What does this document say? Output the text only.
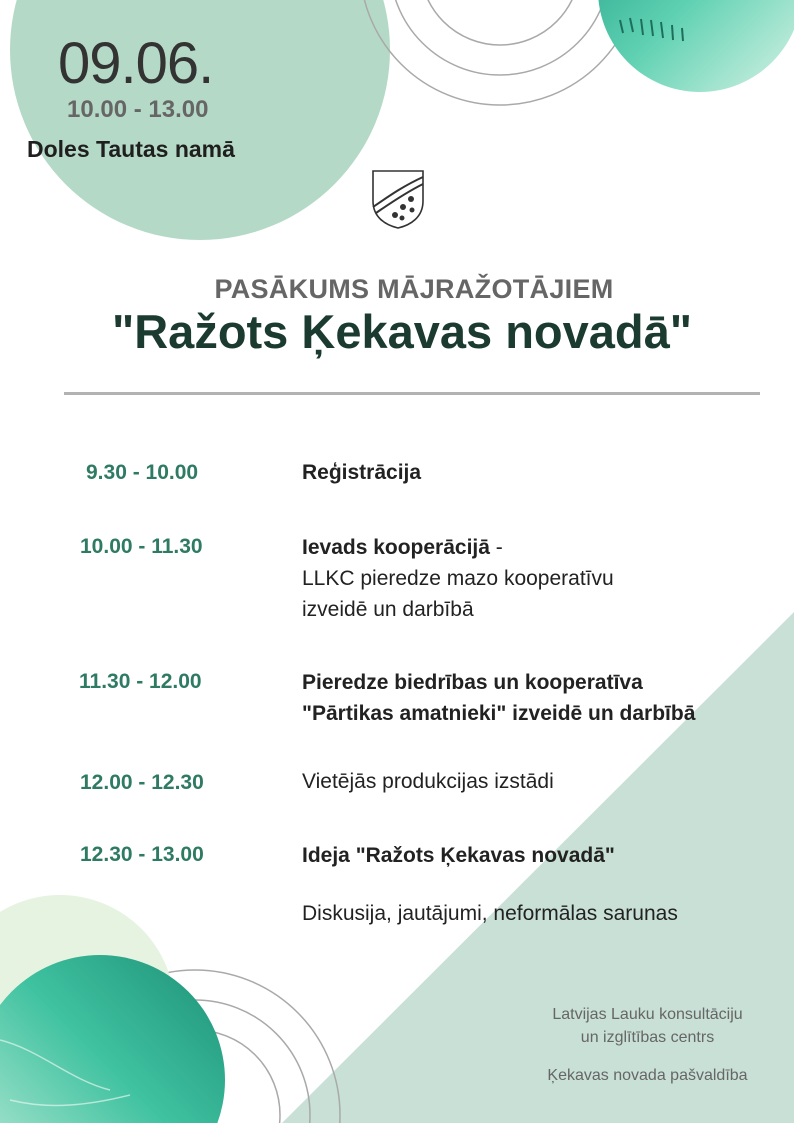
09.06.
10.00 - 13.00
Doles Tautas namā
PASĀKUMS MĀJRAŽOTĀJIEM
"Ražots Ķekavas novadā"
9.30 - 10.00	Reģistrācija
10.00 - 11.30	Ievads kooperācijā -
LLKC pieredze mazo kooperatīvu
izveidē un darbībā
11.30 - 12.00	Pieredze biedrības un kooperatīva
"Pārtikas amatnieki" izveidē un darbībā
12.00 - 12.30	Vietējās produkcijas izstādi
12.30 - 13.00	Ideja "Ražots Ķekavas novadā"
Diskusija, jautājumi, neformālas sarunas
Latvijas Lauku konsultāciju
un izglītības centrs
Ķekavas novada pašvaldība
